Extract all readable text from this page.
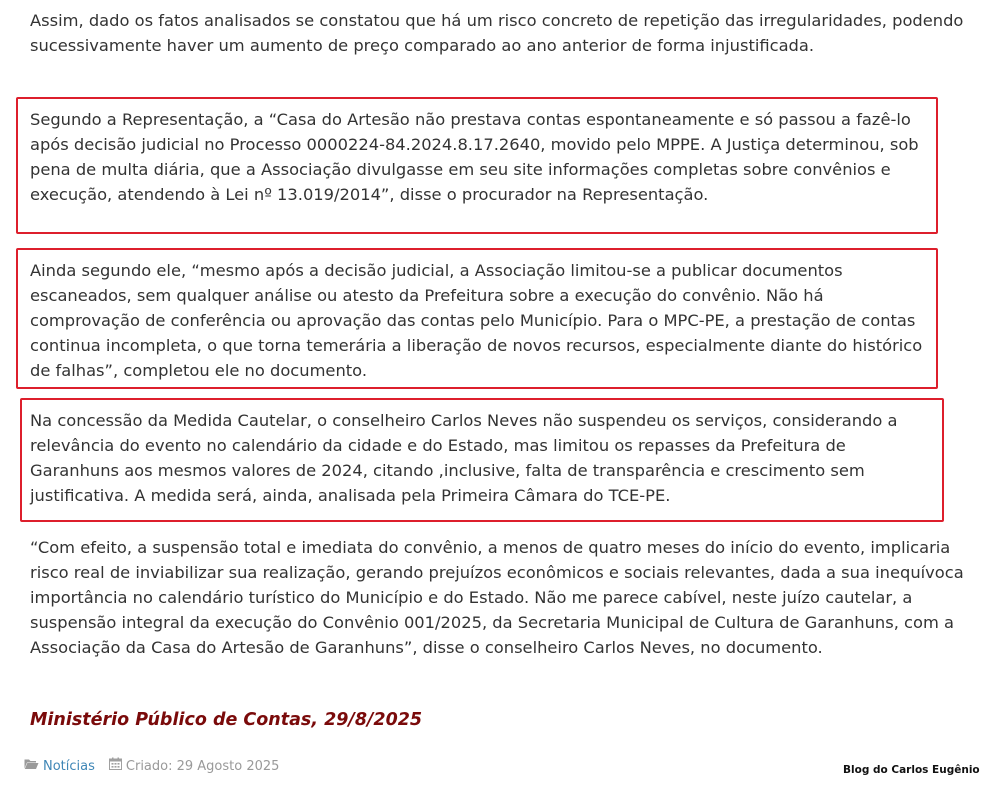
Assim, dado os fatos analisados se constatou que há um risco concreto de repetição das irregularidades, podendo sucessivamente haver um aumento de preço comparado ao ano anterior de forma injustificada.

Segundo a Representação, a “Casa do Artesão não prestava contas espontaneamente e só passou a fazê-lo após decisão judicial no Processo 0000224-84.2024.8.17.2640, movido pelo MPPE. A Justiça determinou, sob pena de multa diária, que a Associação divulgasse em seu site informações completas sobre convênios e execução, atendendo à Lei nº 13.019/2014”, disse o procurador na Representação.

Ainda segundo ele, “mesmo após a decisão judicial, a Associação limitou-se a publicar documentos escaneados, sem qualquer análise ou atesto da Prefeitura sobre a execução do convênio. Não há comprovação de conferência ou aprovação das contas pelo Município. Para o MPC-PE, a prestação de contas continua incompleta, o que torna temerária a liberação de novos recursos, especialmente diante do histórico de falhas”, completou ele no documento.

Na concessão da Medida Cautelar, o conselheiro Carlos Neves não suspendeu os serviços, considerando a relevância do evento no calendário da cidade e do Estado, mas limitou os repasses da Prefeitura de Garanhuns aos mesmos valores de 2024, citando ,inclusive, falta de transparência e crescimento sem justificativa. A medida será, ainda, analisada pela Primeira Câmara do TCE-PE.

“Com efeito, a suspensão total e imediata do convênio, a menos de quatro meses do início do evento, implicaria risco real de inviabilizar sua realização, gerando prejuízos econômicos e sociais relevantes, dada a sua inequívoca importância no calendário turístico do Município e do Estado. Não me parece cabível, neste juízo cautelar, a suspensão integral da execução do Convênio 001/2025, da Secretaria Municipal de Cultura de Garanhuns, com a Associação da Casa do Artesão de Garanhuns”, disse o conselheiro Carlos Neves, no documento.

Ministério Público de Contas, 29/8/2025

Notícias Criado: 29 Agosto 2025	Blog do Carlos Eugênio
